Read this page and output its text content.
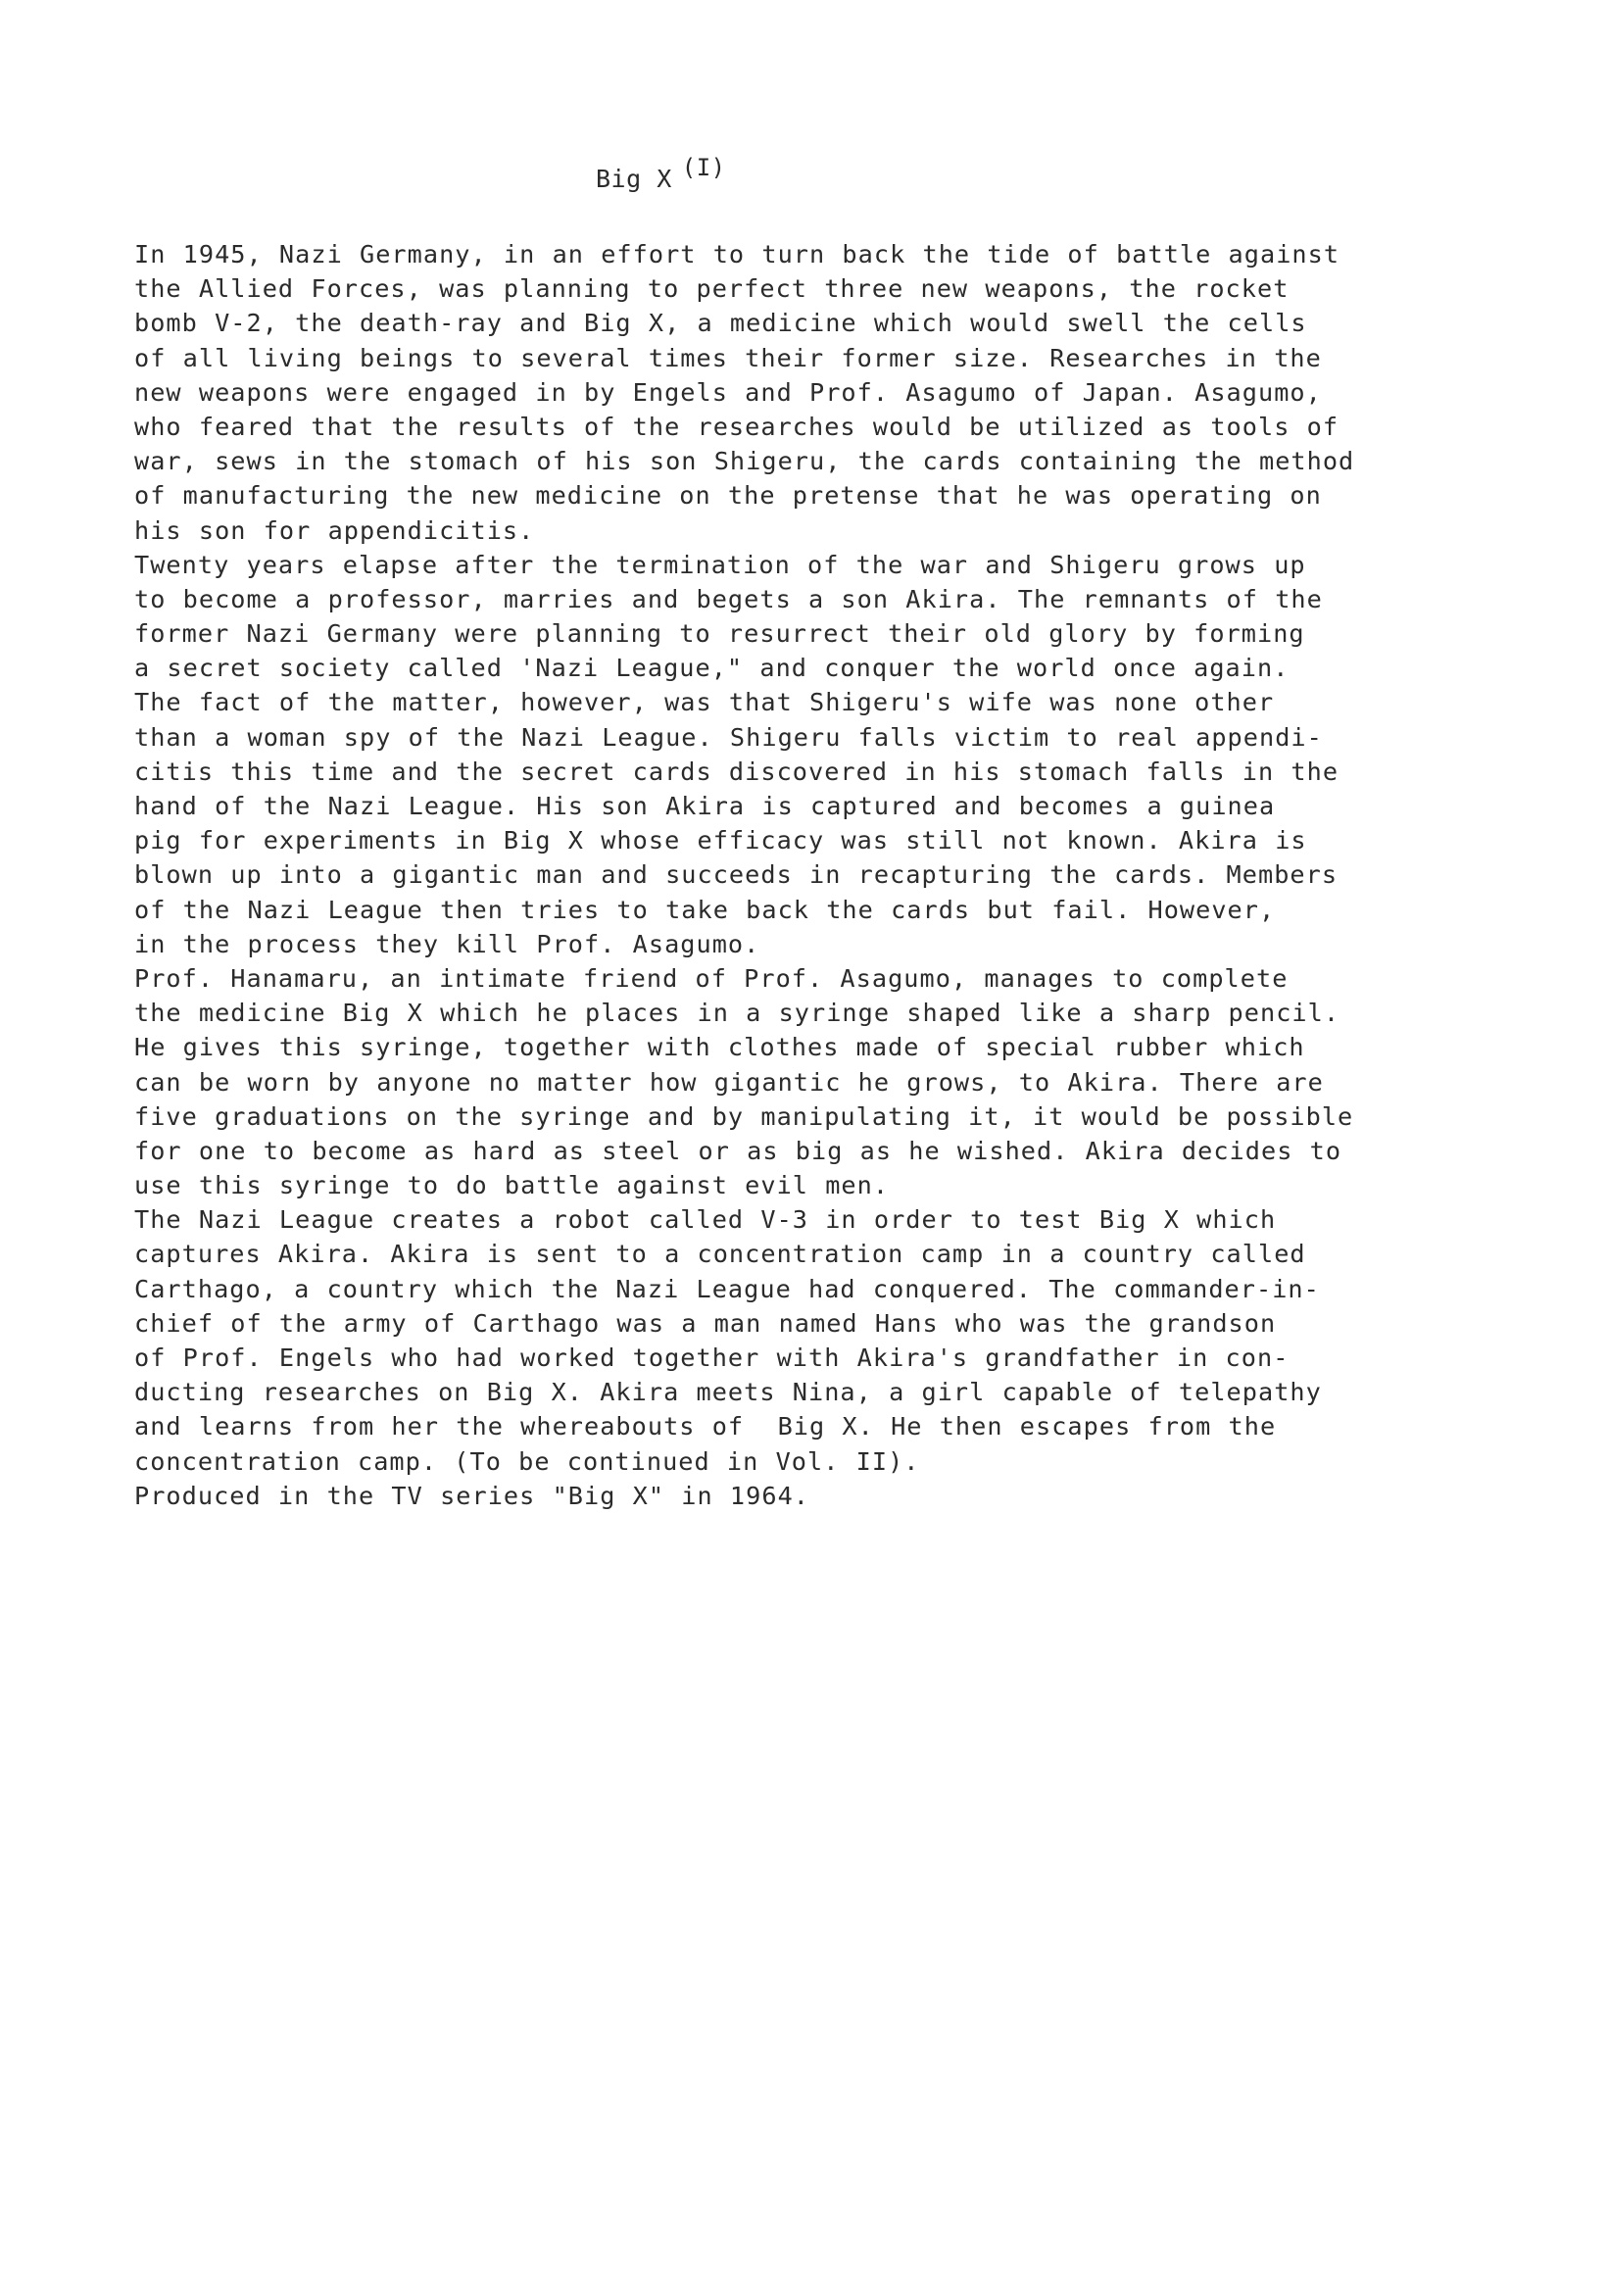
Big X (I)
In 1945, Nazi Germany, in an effort to turn back the tide of battle against
the Allied Forces, was planning to perfect three new weapons, the rocket
bomb V-2, the death-ray and Big X, a medicine which would swell the cells
of all living beings to several times their former size. Researches in the
new weapons were engaged in by Engels and Prof. Asagumo of Japan. Asagumo,
who feared that the results of the researches would be utilized as tools of
war, sews in the stomach of his son Shigeru, the cards containing the method
of manufacturing the new medicine on the pretense that he was operating on
his son for appendicitis.
Twenty years elapse after the termination of the war and Shigeru grows up
to become a professor, marries and begets a son Akira. The remnants of the
former Nazi Germany were planning to resurrect their old glory by forming
a secret society called 'Nazi League," and conquer the world once again.
The fact of the matter, however, was that Shigeru's wife was none other
than a woman spy of the Nazi League. Shigeru falls victim to real appendi-
citis this time and the secret cards discovered in his stomach falls in the
hand of the Nazi League. His son Akira is captured and becomes a guinea
pig for experiments in Big X whose efficacy was still not known. Akira is
blown up into a gigantic man and succeeds in recapturing the cards. Members
of the Nazi League then tries to take back the cards but fail. However,
in the process they kill Prof. Asagumo.
Prof. Hanamaru, an intimate friend of Prof. Asagumo, manages to complete
the medicine Big X which he places in a syringe shaped like a sharp pencil.
He gives this syringe, together with clothes made of special rubber which
can be worn by anyone no matter how gigantic he grows, to Akira. There are
five graduations on the syringe and by manipulating it, it would be possible
for one to become as hard as steel or as big as he wished. Akira decides to
use this syringe to do battle against evil men.
The Nazi League creates a robot called V-3 in order to test Big X which
captures Akira. Akira is sent to a concentration camp in a country called
Carthago, a country which the Nazi League had conquered. The commander-in-
chief of the army of Carthago was a man named Hans who was the grandson
of Prof. Engels who had worked together with Akira's grandfather in con-
ducting researches on Big X. Akira meets Nina, a girl capable of telepathy
and learns from her the whereabouts of  Big X. He then escapes from the
concentration camp. (To be continued in Vol. II).
Produced in the TV series "Big X" in 1964.
